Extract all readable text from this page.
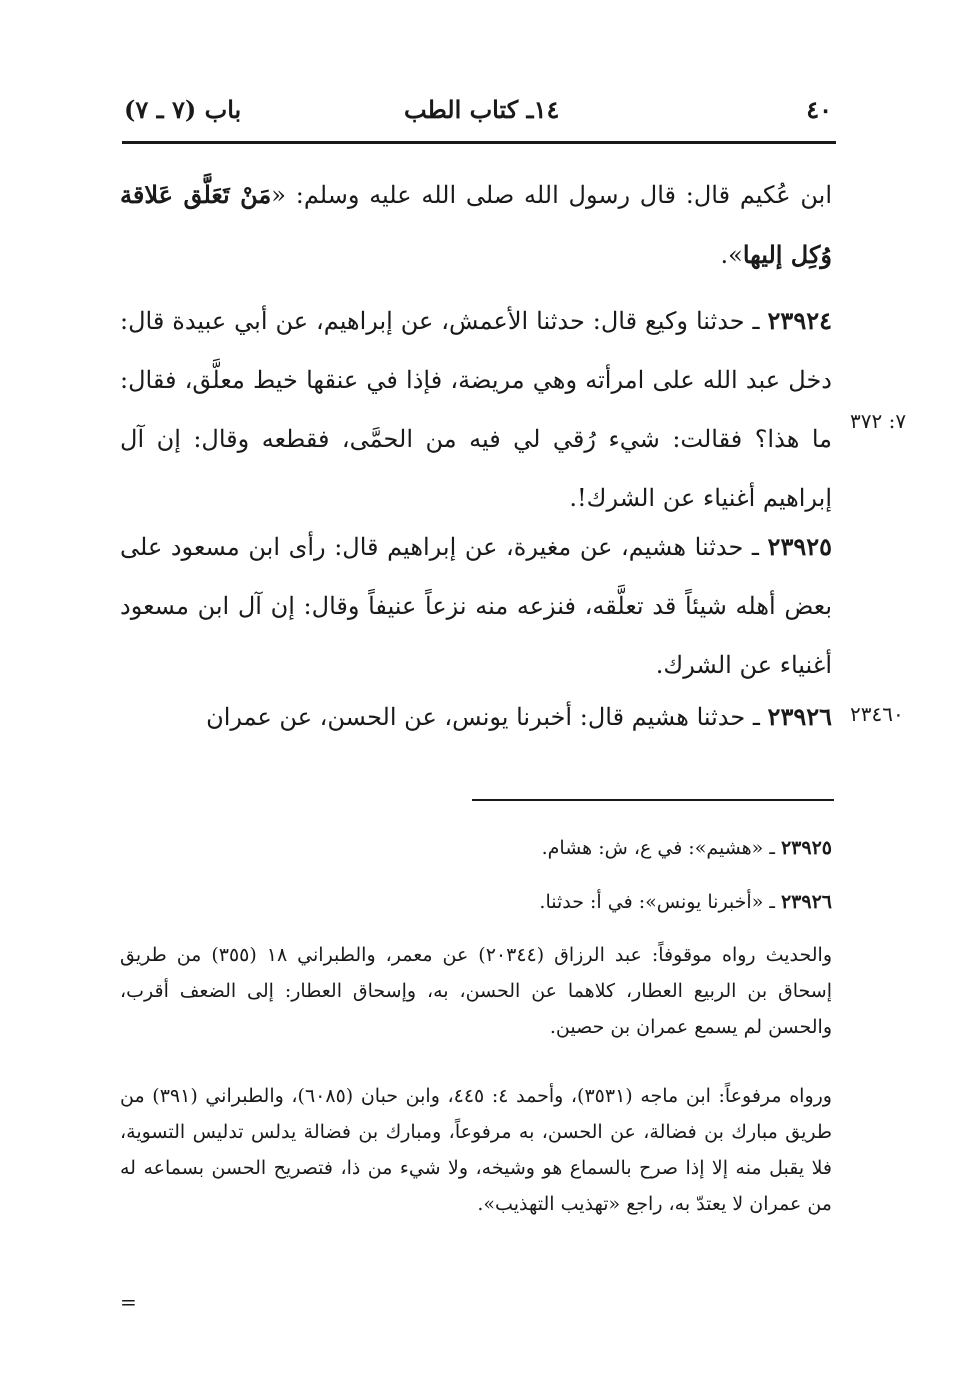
٤٠
١٤ـ كتاب الطب
باب (٧ ـ ٧)
ابن عُكيم قال: قال رسول الله صلى الله عليه وسلم: «مَنْ تَعَلَّق عَلاقة وُكِل إليها».
٢٣٩٢٤ ـ حدثنا وكيع قال: حدثنا الأعمش، عن إبراهيم، عن أبي عبيدة قال: دخل عبد الله على امرأته وهي مريضة، فإذا في عنقها خيط معلَّق، فقال: ما هذا؟ فقالت: شيء رُقي لي فيه من الحمَّى، فقطعه وقال: إن آل إبراهيم أغنياء عن الشرك!.
٧: ٣٧٢
٢٣٩٢٥ ـ حدثنا هشيم، عن مغيرة، عن إبراهيم قال: رأى ابن مسعود على بعض أهله شيئاً قد تعلَّقه، فنزعه منه نزعاً عنيفاً وقال: إن آل ابن مسعود أغنياء عن الشرك.
٢٣٩٢٦ ـ حدثنا هشيم قال: أخبرنا يونس، عن الحسن، عن عمران	٢٣٤٦٠
٢٣٩٢٥ ـ «هشيم»: في ع، ش: هشام.
٢٣٩٢٦ ـ «أخبرنا يونس»: في أ: حدثنا.
والحديث رواه موقوفاً: عبد الرزاق (٢٠٣٤٤) عن معمر، والطبراني ١٨ (٣٥٥) من طريق إسحاق بن الربيع العطار، كلاهما عن الحسن، به، وإسحاق العطار: إلى الضعف أقرب، والحسن لم يسمع عمران بن حصين.
ورواه مرفوعاً: ابن ماجه (٣٥٣١)، وأحمد ٤: ٤٤٥، وابن حبان (٦٠٨٥)، والطبراني (٣٩١) من طريق مبارك بن فضالة، عن الحسن، به مرفوعاً، ومبارك بن فضالة يدلس تدليس التسوية، فلا يقبل منه إلا إذا صرح بالسماع هو وشيخه، ولا شيء من ذا، فتصريح الحسن بسماعه له من عمران لا يعتدّ به، راجع «تهذيب التهذيب».
=
